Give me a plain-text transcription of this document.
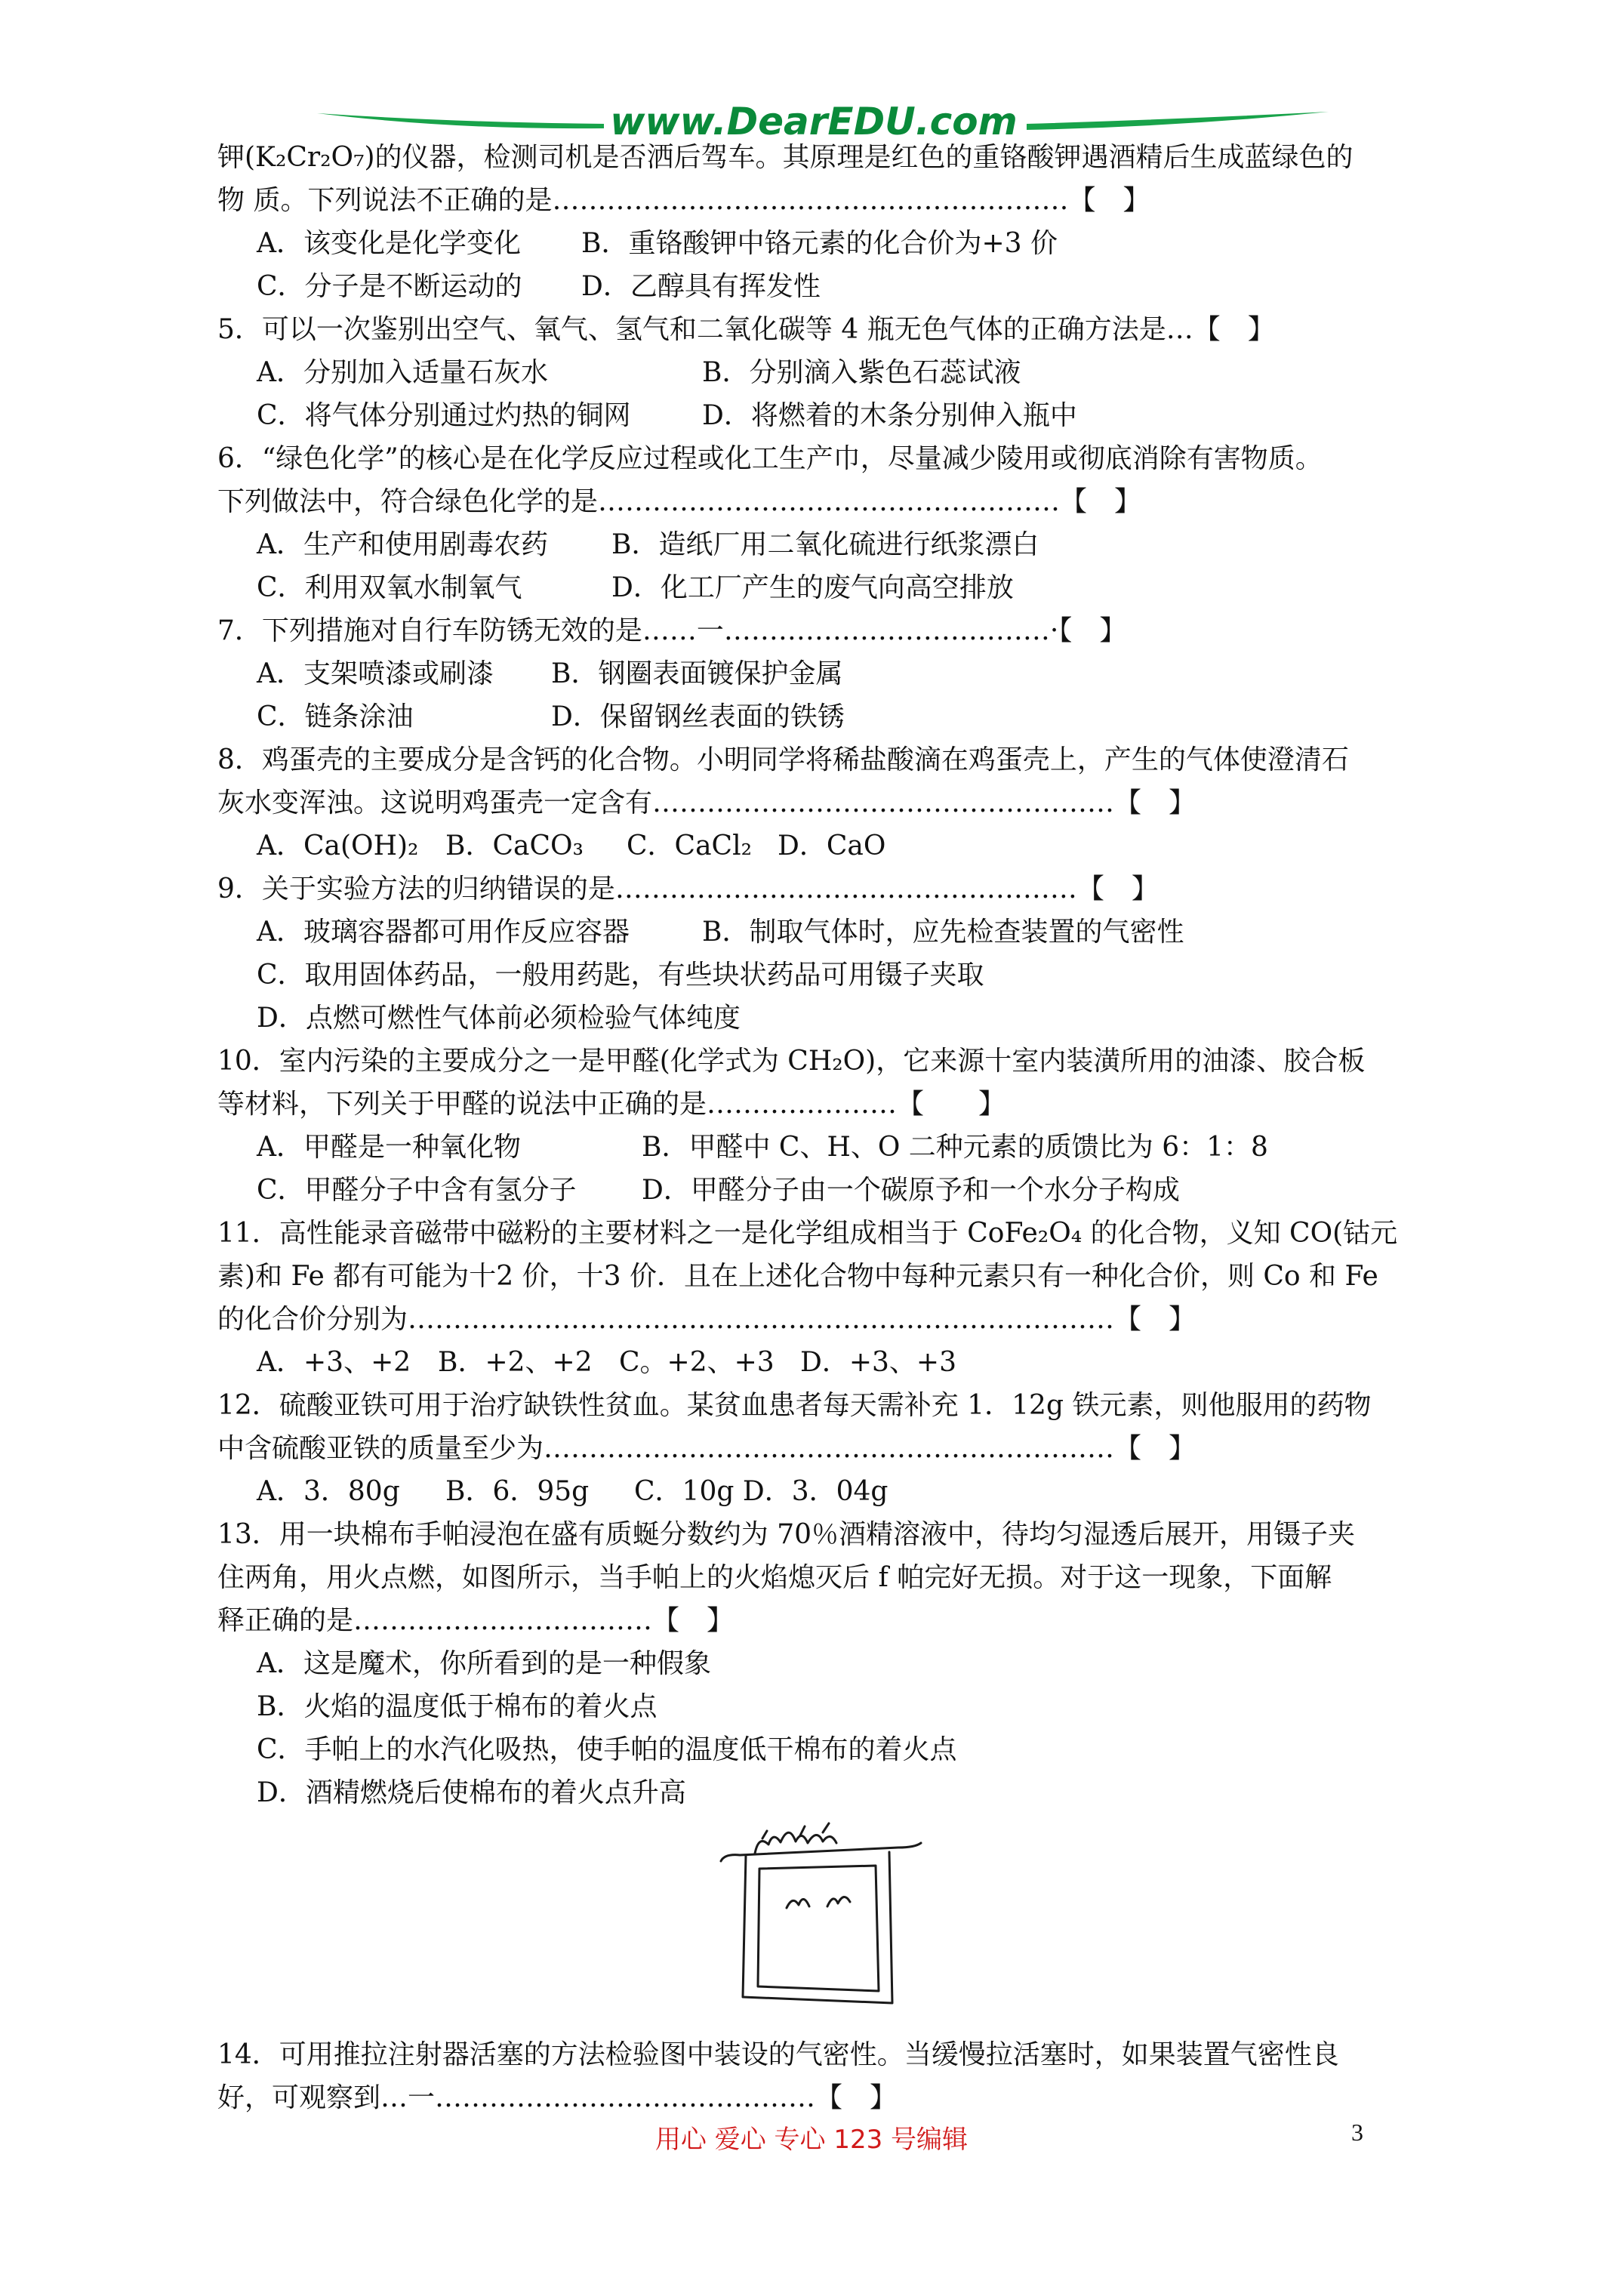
www.DearEDU.com

钾(K₂Cr₂O₇)的仪器，检测司机是否洒后驾车。其原理是红色的重铬酸钾遇酒精后生成蓝绿色的

物 质。下列说法不正确的是…………………………………………………【　】

A．该变化是化学变化 B．重铬酸钾中铬元素的化合价为+3 价

C．分子是不断运动的 D．乙醇具有挥发性

5．可以一次鉴别出空气、氧气、氢气和二氧化碳等 4 瓶无色气体的正确方法是…【　】

A．分别加入适量石灰水	B．分别滴入紫色石蕊试液

C．将气体分别通过灼热的铜网	D．将燃着的木条分别伸入瓶中

6．“绿色化学”的核心是在化学反应过程或化工生产巾，尽量减少陵用或彻底消除有害物质。

下列做法中，符合绿色化学的是……………………………………………【　】

A．生产和使用剧毒农药 B．造纸厂用二氧化硫进行纸浆漂白

C．利用双氧水制氧气	D．化工厂产生的废气向高空排放

7．下列措施对自行车防锈无效的是……一………………………………·【　】

A．支架喷漆或刷漆 B．钢圈表面镀保护金属

C．链条涂油	D．保留钢丝表面的铁锈

8．鸡蛋壳的主要成分是含钙的化合物。小明同学将稀盐酸滴在鸡蛋壳上，产生的气体使澄清石

灰水变浑浊。这说明鸡蛋壳一定含有……………………………………………【　】

A．Ca(OH)₂ B．CaCO₃ C．CaCl₂ D．CaO

9．关于实验方法的归纳错误的是……………………………………………【　】

A．玻璃容器都可用作反应容器	B．制取气体时，应先检查装置的气密性

C．取用固体药品，一般用药匙，有些块状药品可用镊子夹取

D．点燃可燃性气体前必须检验气体纯度

10．室内污染的主要成分之一是甲醛(化学式为 CH₂O)，它来源十室内装潢所用的油漆、胶合板

等材料，下列关于甲醛的说法中正确的是…………………【　　】

A．甲醛是一种氧化物	B．甲醛中 C、H、O 二种元素的质馈比为 6：1：8

C．甲醛分子中含有氢分子 D．甲醛分子由一个碳原予和一个水分子构成

11．高性能录音磁带中磁粉的主要材料之一是化学组成相当于 CoFe₂O₄ 的化合物，义知 CO(钴元

素)和 Fe 都有可能为十2 价，十3 价．且在上述化合物中每种元素只有一种化合价，则 Co 和 Fe

的化合价分别为……………………………………………………………………【　】

A．+3、+2 B．+2、+2 C。+2、+3 D．+3、+3

12．硫酸亚铁可用于治疗缺铁性贫血。某贫血患者每天需补充 1．12g 铁元素，则他服用的药物

中含硫酸亚铁的质量至少为………………………………………………………【　】

A．3．80g B．6．95g C．10g D．3．04g

13．用一块棉布手帕浸泡在盛有质蜒分数约为 70％酒精溶液中，待均匀湿透后展开，用镊子夹

住两角，用火点燃，如图所示，当手帕上的火焰熄灭后 f 帕完好无损。对于这一现象，下面解

释正确的是……………………………【　】

A．这是魔术，你所看到的是一种假象

B．火焰的温度低于棉布的着火点

C．手帕上的水汽化吸热，使手帕的温度低干棉布的着火点

D．酒精燃烧后使棉布的着火点升高

14．可用推拉注射器活塞的方法检验图中装设的气密性。当缓慢拉活塞时，如果装置气密性良

好，可观察到…一……………………………………【　】

用心 爱心 专心 123 号编辑	3
